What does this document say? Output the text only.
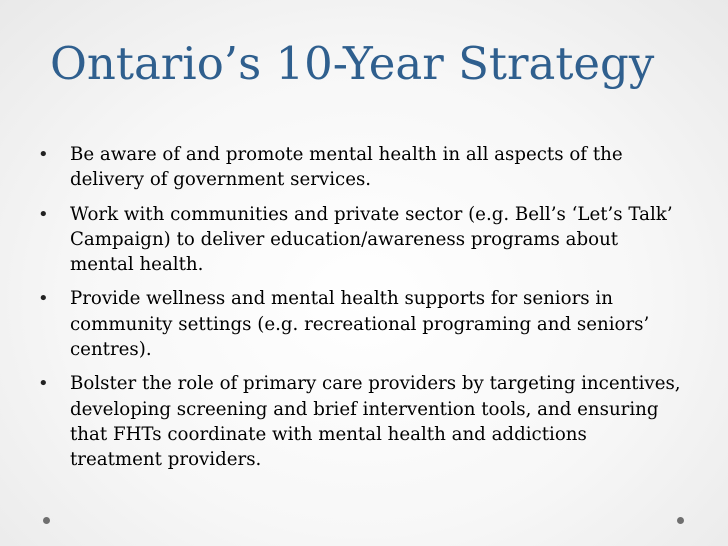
Ontario’s 10-Year Strategy
• Be aware of and promote mental health in all aspects of the delivery of government services.
• Work with communities and private sector (e.g. Bell’s ‘Let’s Talk’ Campaign) to deliver education/awareness programs about mental health.
• Provide wellness and mental health supports for seniors in community settings (e.g. recreational programing and seniors’ centres).
• Bolster the role of primary care providers by targeting incentives, developing screening and brief intervention tools, and ensuring that FHTs coordinate with mental health and addictions treatment providers.
